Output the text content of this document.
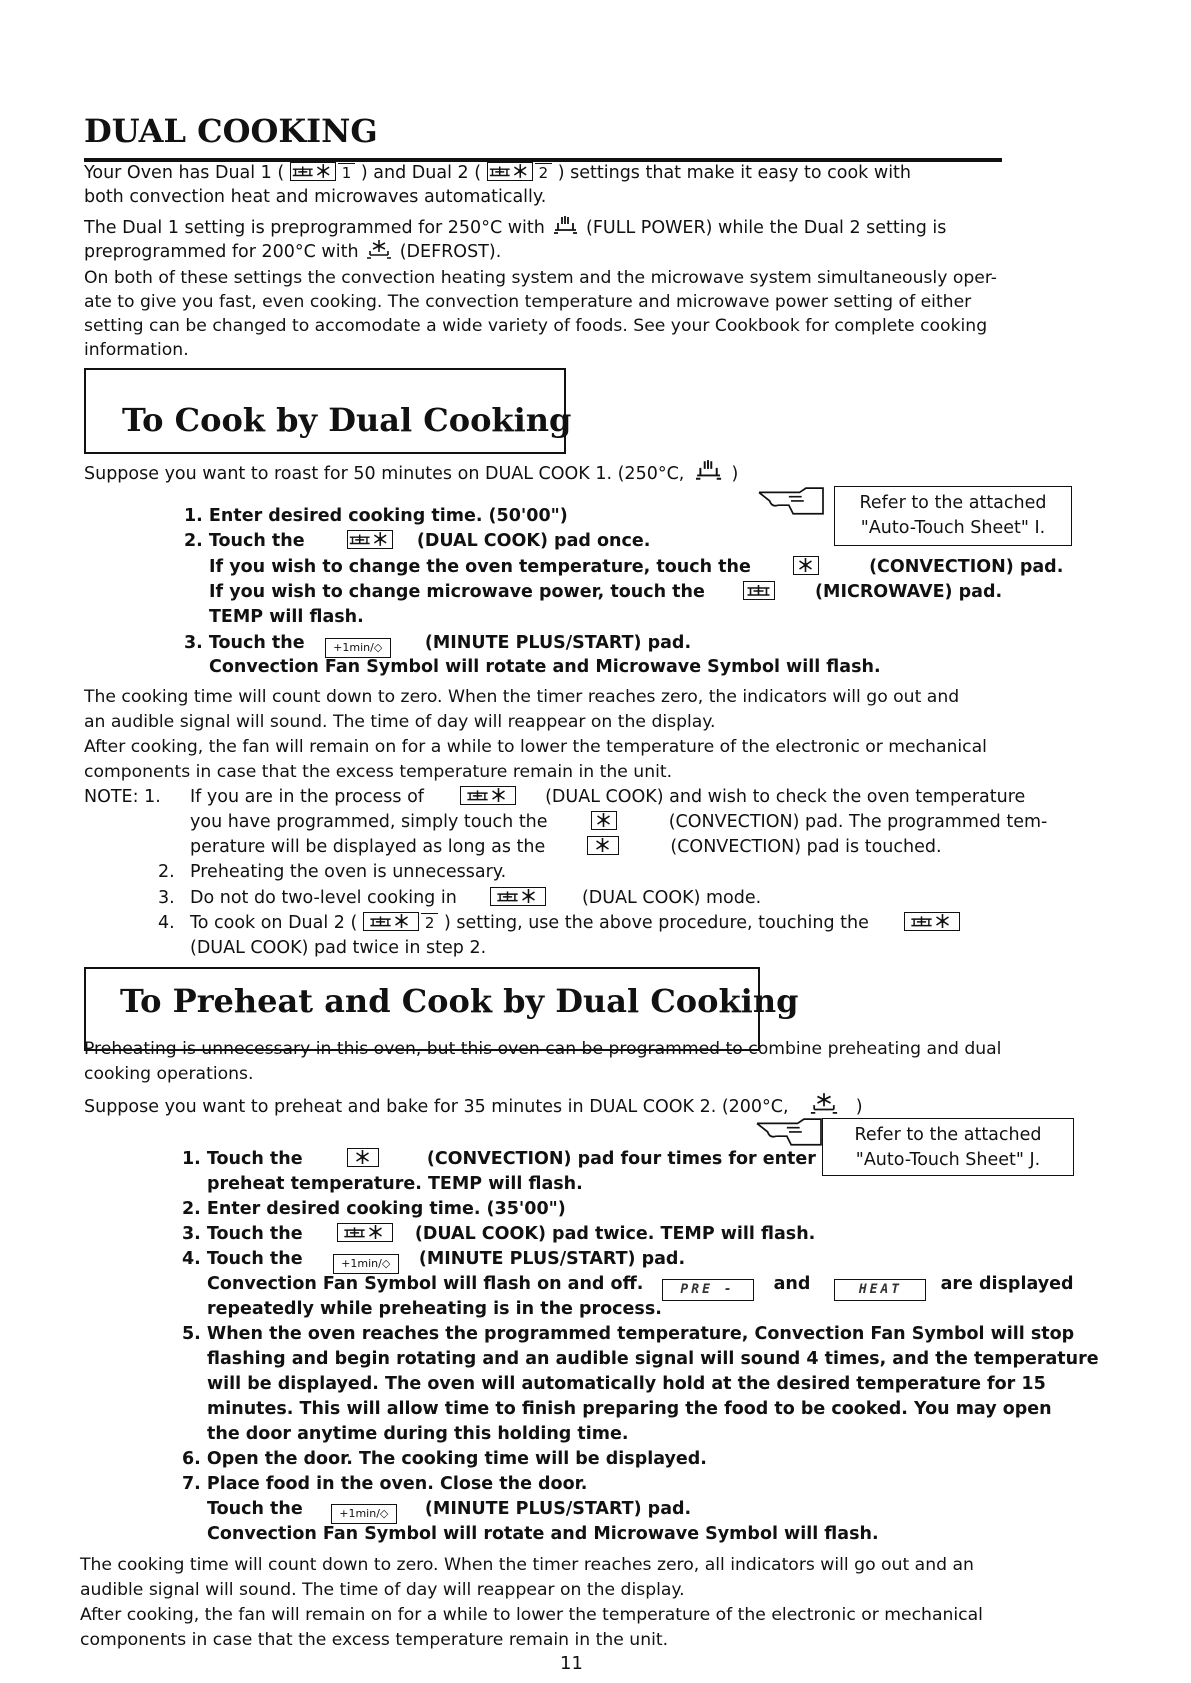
DUAL COOKING
Your Oven has Dual 1 (	1 ) and Dual 2 (	2 ) settings that make it easy to cook with
both convection heat and microwaves automatically.
The Dual 1 setting is preprogrammed for 250°C with (FULL POWER) while the Dual 2 setting is
preprogrammed for 200°C with (DEFROST).
On both of these settings the convection heating system and the microwave system simultaneously oper-
ate to give you fast, even cooking. The convection temperature and microwave power setting of either
setting can be changed to accomodate a wide variety of foods. See your Cookbook for complete cooking
information.
To Cook by Dual Cooking
Suppose you want to roast for 50 minutes on DUAL COOK 1. (250°C,	)
Refer to the attached
"Auto-Touch Sheet" I.
1. Enter desired cooking time. (50'00")
2. Touch the	(DUAL COOK) pad once.
If you wish to change the oven temperature, touch the	(CONVECTION) pad.
If you wish to change microwave power, touch the	(MICROWAVE) pad.
TEMP will flash.
3. Touch the	+1min/◇ (MINUTE PLUS/START) pad.
Convection Fan Symbol will rotate and Microwave Symbol will flash.
The cooking time will count down to zero. When the timer reaches zero, the indicators will go out and
an audible signal will sound. The time of day will reappear on the display.
After cooking, the fan will remain on for a while to lower the temperature of the electronic or mechanical
components in case that the excess temperature remain in the unit.
NOTE: 1. If you are in the process of	(DUAL COOK) and wish to check the oven temperature
you have programmed, simply touch the	(CONVECTION) pad. The programmed tem-
perature will be displayed as long as the	(CONVECTION) pad is touched.
2. Preheating the oven is unnecessary.
3. Do not do two-level cooking in	(DUAL COOK) mode.
4. To cook on Dual 2 (	2 ) setting, use the above procedure, touching the
(DUAL COOK) pad twice in step 2.
To Preheat and Cook by Dual Cooking
Preheating is unnecessary in this oven, but this oven can be programmed to combine preheating and dual
cooking operations.
Suppose you want to preheat and bake for 35 minutes in DUAL COOK 2. (200°C,	)
Refer to the attached
"Auto-Touch Sheet" J.
1. Touch the	(CONVECTION) pad four times for enter
preheat temperature. TEMP will flash.
2. Enter desired cooking time. (35'00")
3. Touch the	(DUAL COOK) pad twice. TEMP will flash.
4. Touch the	+1min/◇ (MINUTE PLUS/START) pad.
Convection Fan Symbol will flash on and off.	PRE - and	HEAT are displayed
repeatedly while preheating is in the process.
5. When the oven reaches the programmed temperature, Convection Fan Symbol will stop
flashing and begin rotating and an audible signal will sound 4 times, and the temperature
will be displayed. The oven will automatically hold at the desired temperature for 15
minutes. This will allow time to finish preparing the food to be cooked. You may open
the door anytime during this holding time.
6. Open the door. The cooking time will be displayed.
7. Place food in the oven. Close the door.
Touch the	+1min/◇ (MINUTE PLUS/START) pad.
Convection Fan Symbol will rotate and Microwave Symbol will flash.
The cooking time will count down to zero. When the timer reaches zero, all indicators will go out and an
audible signal will sound. The time of day will reappear on the display.
After cooking, the fan will remain on for a while to lower the temperature of the electronic or mechanical
components in case that the excess temperature remain in the unit.
11
